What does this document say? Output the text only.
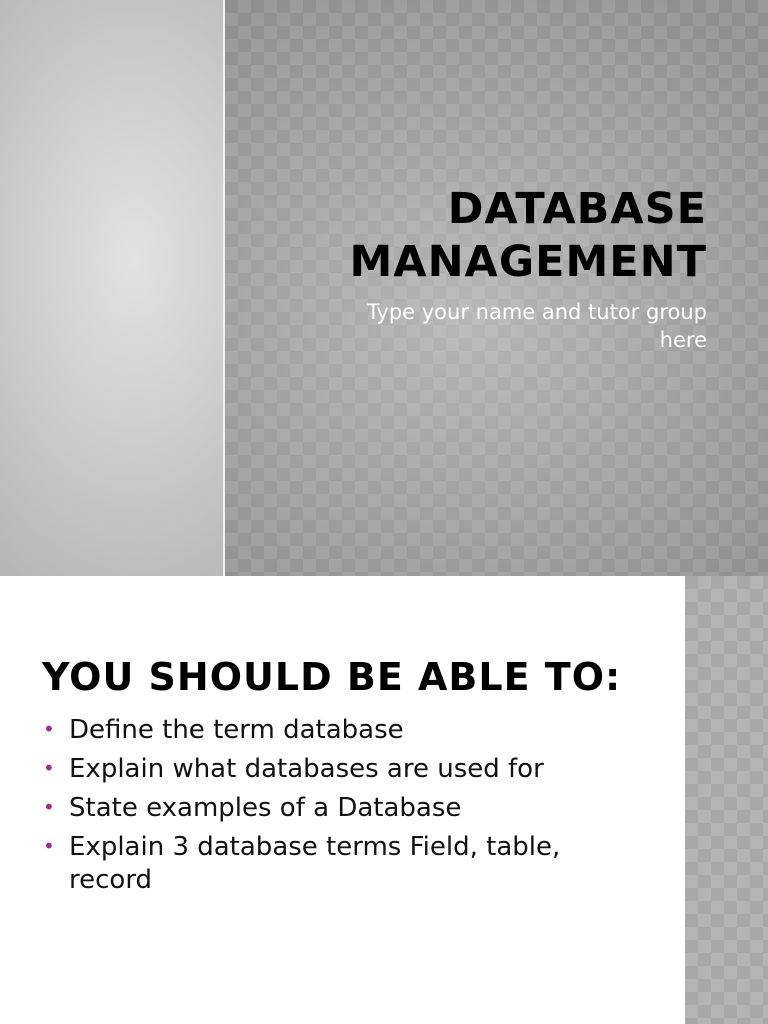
DATABASE
MANAGEMENT

Type your name and tutor group
here

YOU SHOULD BE ABLE TO:
• Define the term database
• Explain what databases are used for
• State examples of a Database
• Explain 3 database terms Field, table,
record
